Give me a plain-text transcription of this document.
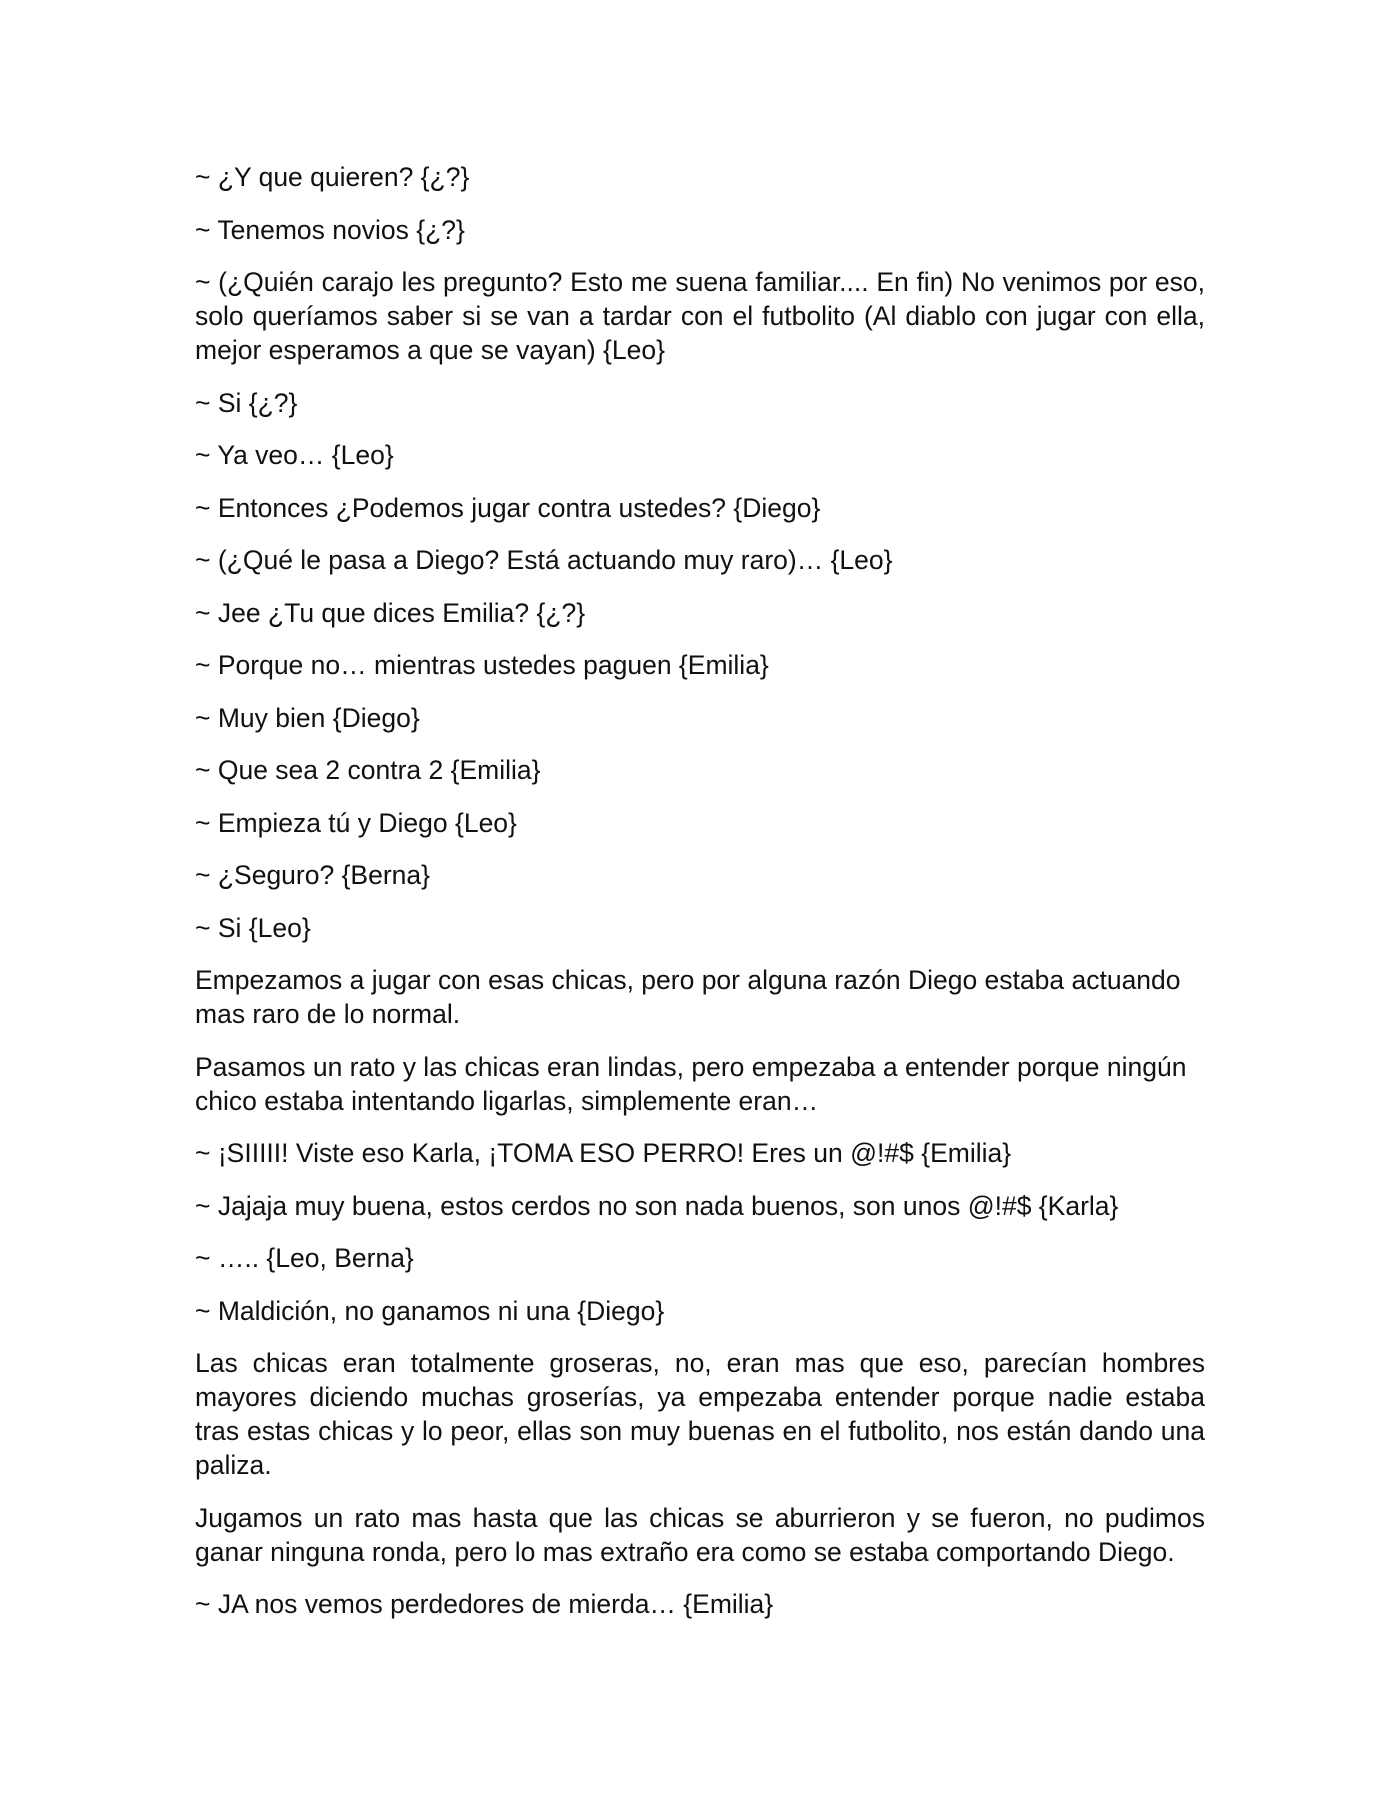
~ ¿Y que quieren? {¿?}

~ Tenemos novios {¿?}

~ (¿Quién carajo les pregunto? Esto me suena familiar.... En fin) No venimos por eso, solo queríamos saber si se van a tardar con el futbolito (Al diablo con jugar con ella, mejor esperamos a que se vayan) {Leo}

~ Si {¿?}

~ Ya veo… {Leo}

~ Entonces ¿Podemos jugar contra ustedes? {Diego}

~ (¿Qué le pasa a Diego? Está actuando muy raro)… {Leo}

~ Jee ¿Tu que dices Emilia? {¿?}

~ Porque no… mientras ustedes paguen {Emilia}

~ Muy bien {Diego}

~ Que sea 2 contra 2 {Emilia}

~ Empieza tú y Diego {Leo}

~ ¿Seguro? {Berna}

~ Si {Leo}

Empezamos a jugar con esas chicas, pero por alguna razón Diego estaba actuando mas raro de lo normal.

Pasamos un rato y las chicas eran lindas, pero empezaba a entender porque ningún chico estaba intentando ligarlas, simplemente eran…

~ ¡SIIIII! Viste eso Karla, ¡TOMA ESO PERRO! Eres un @!#$ {Emilia}

~ Jajaja muy buena, estos cerdos no son nada buenos, son unos @!#$ {Karla}

~ ….. {Leo, Berna}

~ Maldición, no ganamos ni una {Diego}

Las chicas eran totalmente groseras, no, eran mas que eso, parecían hombres mayores diciendo muchas groserías, ya empezaba entender porque nadie estaba tras estas chicas y lo peor, ellas son muy buenas en el futbolito, nos están dando una paliza.

Jugamos un rato mas hasta que las chicas se aburrieron y se fueron, no pudimos ganar ninguna ronda, pero lo mas extraño era como se estaba comportando Diego.

~ JA nos vemos perdedores de mierda… {Emilia}
